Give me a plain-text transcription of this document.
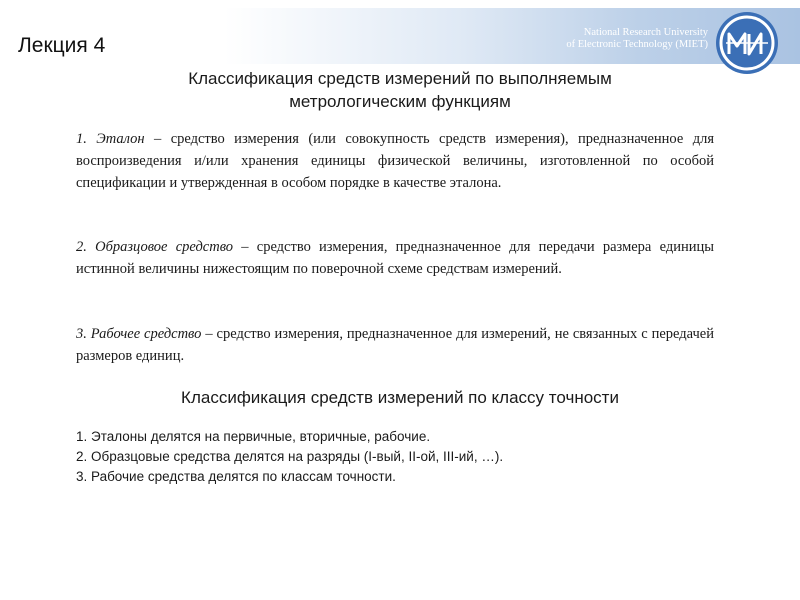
Лекция 4
National Research University
of Electronic Technology (MIET)
Классификация средств измерений по выполняемым
метрологическим функциям
1. Эталон – средство измерения (или совокупность средств измерения), предназначенное для воспроизведения и/или хранения единицы физической величины, изготовленной по особой спецификации и утвержденная в особом порядке в качестве эталона.
2. Образцовое средство – средство измерения, предназначенное для передачи размера единицы истинной величины нижестоящим по поверочной схеме средствам измерений.
3. Рабочее средство – средство измерения, предназначенное для измерений, не связанных с передачей размеров единиц.
Классификация средств измерений по классу точности
1. Эталоны делятся на первичные, вторичные, рабочие.
2. Образцовые средства делятся на разряды (I-вый, II-ой, III-ий, …).
3. Рабочие средства делятся по классам точности.
